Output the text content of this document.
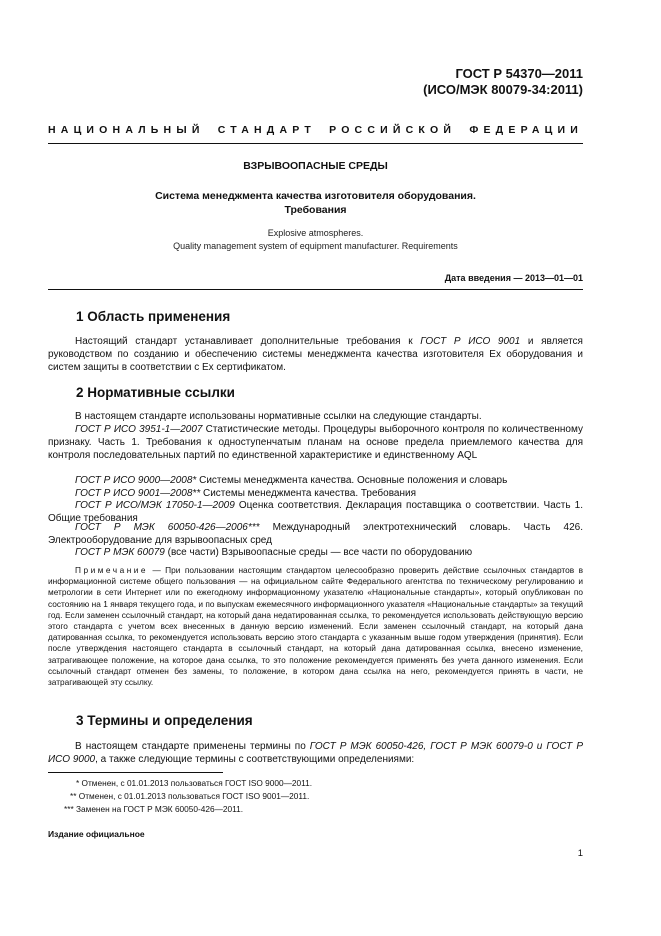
ГОСТ Р 54370—2011
(ИСО/МЭК 80079-34:2011)
НАЦИОНАЛЬНЫЙ СТАНДАРТ РОССИЙСКОЙ ФЕДЕРАЦИИ
ВЗРЫВООПАСНЫЕ СРЕДЫ
Система менеджмента качества изготовителя оборудования.
Требования
Explosive atmospheres.
Quality management system of equipment manufacturer. Requirements
Дата введения — 2013—01—01
1 Область применения
Настоящий стандарт устанавливает дополнительные требования к ГОСТ Р ИСО 9001 и является руководством по созданию и обеспечению системы менеджмента качества изготовителя Ex оборудования и систем защиты в соответствии с Ex сертификатом.
2 Нормативные ссылки
В настоящем стандарте использованы нормативные ссылки на следующие стандарты.
ГОСТ Р ИСО 3951-1—2007 Статистические методы. Процедуры выборочного контроля по количественному признаку. Часть 1. Требования к одноступенчатым планам на основе предела приемлемого качества для контроля последовательных партий по единственной характеристике и единственному AQL
ГОСТ Р ИСО 9000—2008* Системы менеджмента качества. Основные положения и словарь
ГОСТ Р ИСО 9001—2008** Системы менеджмента качества. Требования
ГОСТ Р ИСО/МЭК 17050-1—2009 Оценка соответствия. Декларация поставщика о соответствии. Часть 1. Общие требования
ГОСТ Р МЭК 60050-426—2006*** Международный электротехнический словарь. Часть 426. Электрооборудование для взрывоопасных сред
ГОСТ Р МЭК 60079 (все части) Взрывоопасные среды — все части по оборудованию
Примечание — При пользовании настоящим стандартом целесообразно проверить действие ссылочных стандартов в информационной системе общего пользования — на официальном сайте Федерального агентства по техническому регулированию и метрологии в сети Интернет или по ежегодному информационному указателю «Национальные стандарты», который опубликован по состоянию на 1 января текущего года, и по выпускам ежемесячного информационного указателя «Национальные стандарты» за текущий год. Если заменен ссылочный стандарт, на который дана недатированная ссылка, то рекомендуется использовать действующую версию этого стандарта с учетом всех внесенных в данную версию изменений. Если заменен ссылочный стандарт, на который дана датированная ссылка, то рекомендуется использовать версию этого стандарта с указанным выше годом утверждения (принятия). Если после утверждения настоящего стандарта в ссылочный стандарт, на который дана датированная ссылка, внесено изменение, затрагивающее положение, на которое дана ссылка, то это положение рекомендуется применять без учета данного изменения. Если ссылочный стандарт отменен без замены, то положение, в котором дана ссылка на него, рекомендуется принять в части, не затрагивающей эту ссылку.
3 Термины и определения
В настоящем стандарте применены термины по ГОСТ Р МЭК 60050-426, ГОСТ Р МЭК 60079-0 и ГОСТ Р ИСО 9000, а также следующие термины с соответствующими определениями:
* Отменен, с 01.01.2013 пользоваться ГОСТ ISO 9000—2011.
** Отменен, с 01.01.2013 пользоваться ГОСТ ISO 9001—2011.
*** Заменен на ГОСТ Р МЭК 60050-426—2011.
Издание официальное
1
